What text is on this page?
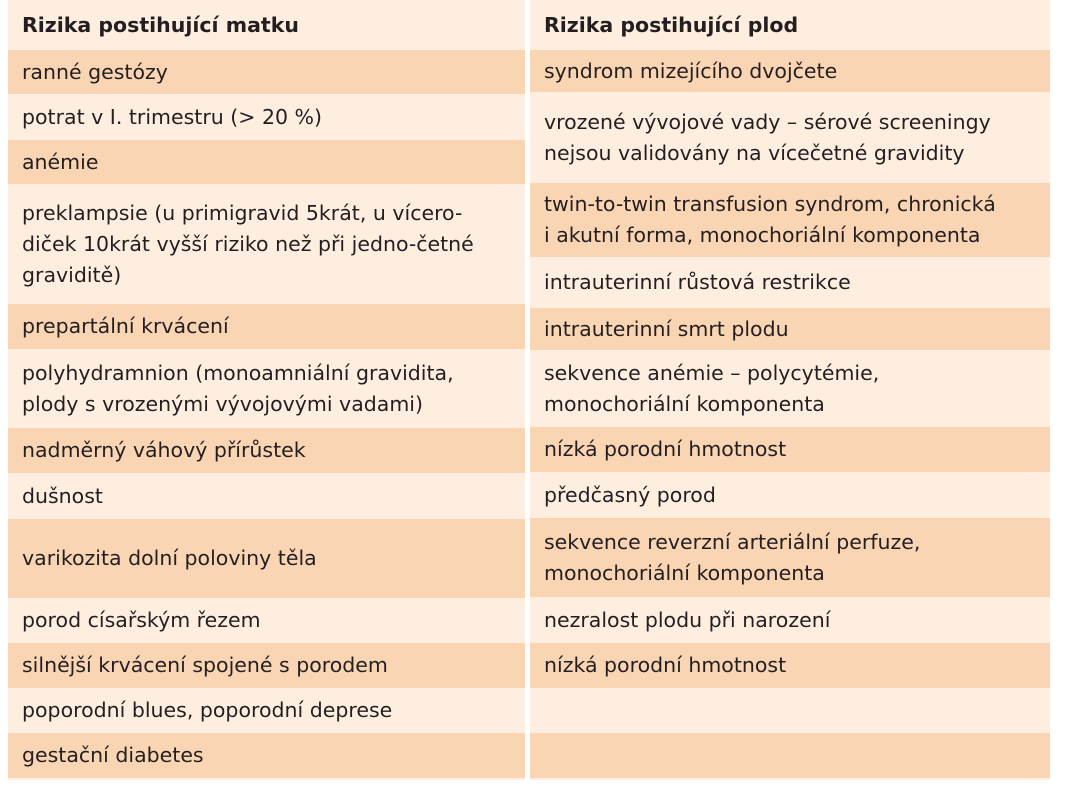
Rizika postihující matku	Rizika postihující plod
ranné gestózy
potrat v I. trimestru (> 20 %)
anémie
preklampsie (u primigravid 5krát, u vícero-
diček 10krát vyšší riziko než při jedno-četné
graviditě)
prepartální krvácení
polyhydramnion (monoamniální gravidita,
plody s vrozenými vývojovými vadami)
nadměrný váhový přírůstek
dušnost
varikozita dolní poloviny těla
porod císařským řezem
silnější krvácení spojené s porodem
poporodní blues, poporodní deprese
gestační diabetes
syndrom mizejícího dvojčete
vrozené vývojové vady – sérové screeningy
nejsou validovány na vícečetné gravidity
twin-to-twin transfusion syndrom, chronická
i akutní forma, monochoriální komponenta
intrauterinní růstová restrikce
intrauterinní smrt plodu
sekvence anémie – polycytémie,
monochoriální komponenta
nízká porodní hmotnost
předčasný porod
sekvence reverzní arteriální perfuze,
monochoriální komponenta
nezralost plodu při narození
nízká porodní hmotnost
